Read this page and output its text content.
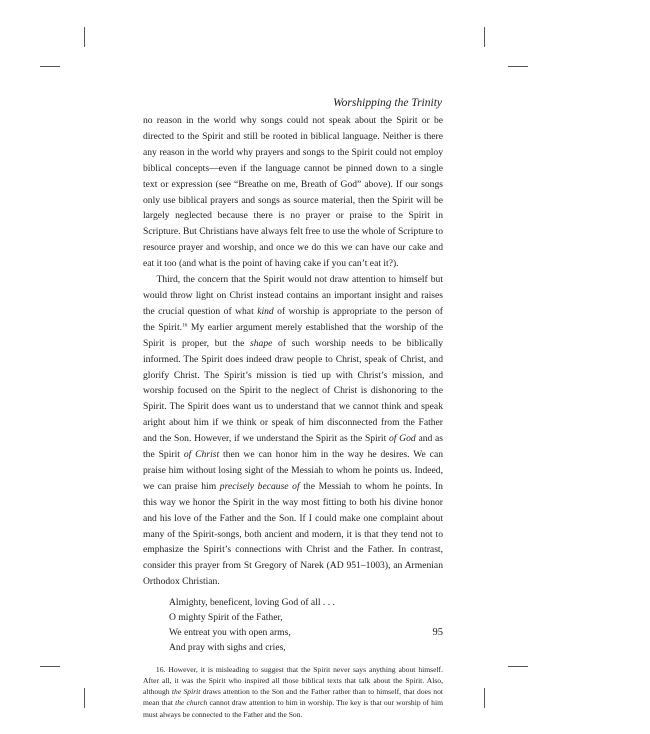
Worshipping the Trinity

no reason in the world why songs could not speak about the Spirit or be directed to the Spirit and still be rooted in biblical language. Neither is there any reason in the world why prayers and songs to the Spirit could not employ biblical concepts—even if the language cannot be pinned down to a single text or expression (see “Breathe on me, Breath of God” above). If our songs only use biblical prayers and songs as source material, then the Spirit will be largely neglected because there is no prayer or praise to the Spirit in Scripture. But Christians have always felt free to use the whole of Scripture to resource prayer and worship, and once we do this we can have our cake and eat it too (and what is the point of having cake if you can’t eat it?).

Third, the concern that the Spirit would not draw attention to himself but would throw light on Christ instead contains an important insight and raises the crucial question of what kind of worship is appropriate to the person of the Spirit.$^{16}$ My earlier argument merely established that the worship of the Spirit is proper, but the shape of such worship needs to be biblically informed. The Spirit does indeed draw people to Christ, speak of Christ, and glorify Christ. The Spirit’s mission is tied up with Christ’s mission, and worship focused on the Spirit to the neglect of Christ is dishonoring to the Spirit. The Spirit does want us to understand that we cannot think and speak aright about him if we think or speak of him disconnected from the Father and the Son. However, if we understand the Spirit as the Spirit of God and as the Spirit of Christ then we can honor him in the way he desires. We can praise him without losing sight of the Messiah to whom he points us. Indeed, we can praise him precisely because of the Messiah to whom he points. In this way we honor the Spirit in the way most fitting to both his divine honor and his love of the Father and the Son. If I could make one complaint about many of the Spirit-songs, both ancient and modern, it is that they tend not to emphasize the Spirit’s connections with Christ and the Father. In contrast, consider this prayer from St Gregory of Narek (AD 951–1003), an Armenian Orthodox Christian.

Almighty, beneficent, loving God of all . . .
O mighty Spirit of the Father,
We entreat you with open arms,
And pray with sighs and cries,
16. However, it is misleading to suggest that the Spirit never says anything about himself. After all, it was the Spirit who inspired all those biblical texts that talk about the Spirit. Also, although the Spirit draws attention to the Son and the Father rather than to himself, that does not mean that the church cannot draw attention to him in worship. The key is that our worship of him must always be connected to the Father and the Son.
95
